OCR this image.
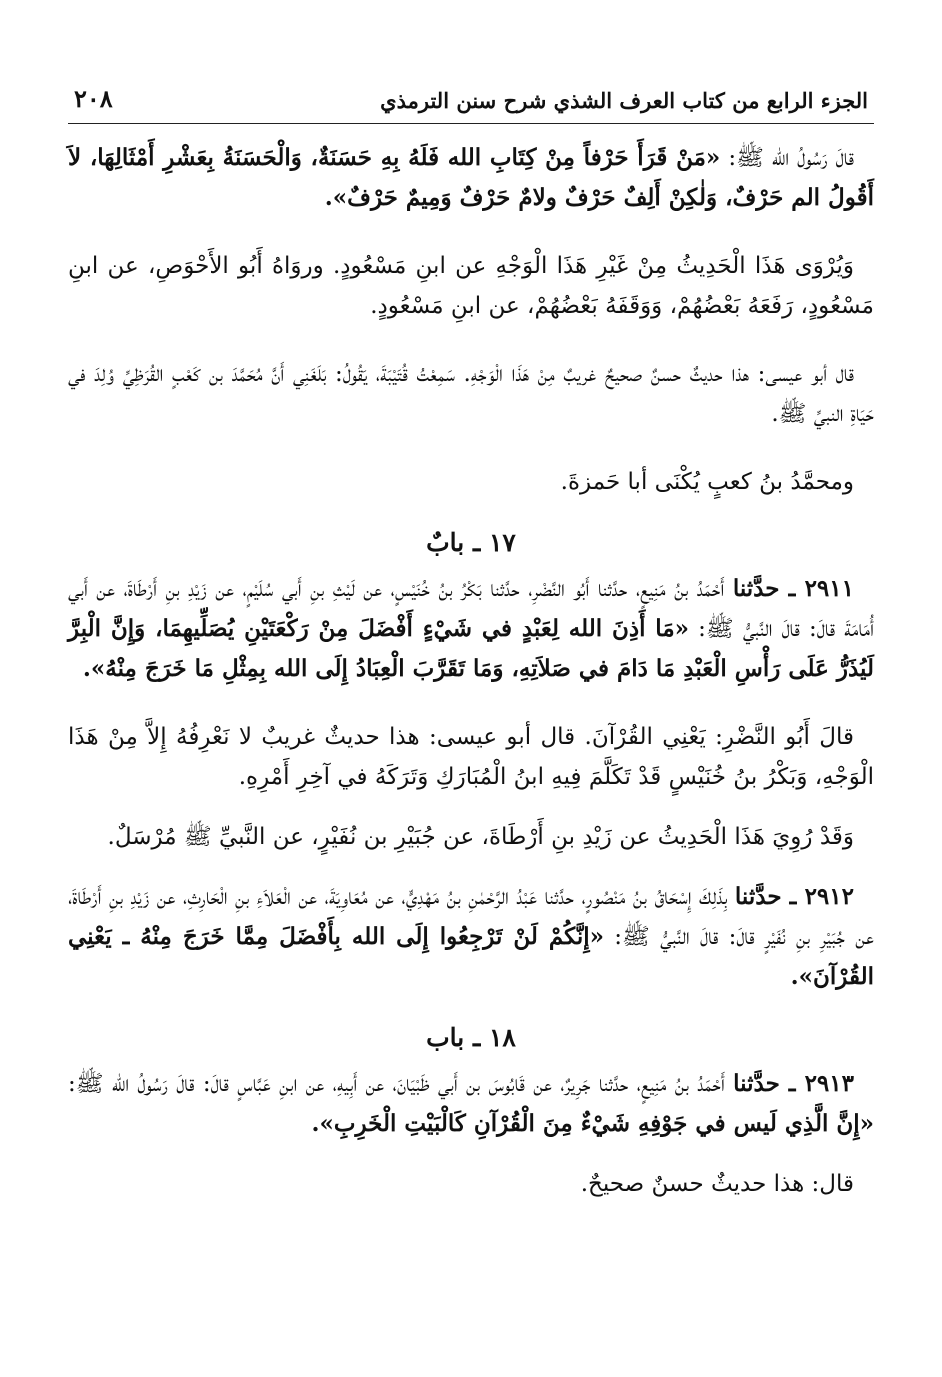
الجزء الرابع من كتاب العرف الشذي شرح سنن الترمذي
٢٠٨

قالَ رَسُولُ الله ﷺ: «مَنْ قَرَأَ حَرْفاً مِنْ كِتَابِ الله فَلَهُ بِهِ حَسَنَةٌ، وَالْحَسَنَةُ بِعَشْرِ أَمْثَالِهَا، لاَ أَقُولُ الم حَرْفٌ، وَلٰكِنْ أَلِفٌ حَرْفٌ ولامٌ حَرْفٌ وَمِيمٌ حَرْفٌ».

وَيُرْوَى هَذَا الْحَدِيثُ مِنْ غَيْرِ هَذَا الْوَجْهِ عن ابنِ مَسْعُودٍ. وروَاهُ أَبُو الأَحْوَصِ، عن ابنِ مَسْعُودٍ، رَفَعَهُ بَعْضُهُمْ، وَوَقَفَهُ بَعْضُهُمْ، عن ابنِ مَسْعُودٍ.

قال أبو عيسى: هذا حديثٌ حسنٌ صحيحٌ غريبٌ مِنْ هَذَا الْوَجْهِ. سَمِعْتُ قُتَيْبَةَ، يَقُولُ: بَلَغَنِي أَنَّ مُحَمَّدَ بن كَعْبٍ القُرَظِيِّ وُلِدَ في حَيَاةِ النبيِّ ﷺ.

ومحمَّدُ بنُ كعبٍ يُكْنَى أبا حَمزةَ.

١٧ ـ بابٌ

٢٩١١ ـ حدَّثنا أَحْمَدُ بنُ مَنِيعٍ، حدَّثنا أَبُو النَّضْرِ، حدَّثنا بَكْرُ بنُ خُنَيْسٍ، عن لَيْثِ بنِ أَبي سُلَيْمٍ، عن زَيْدِ بنِ أَرْطَاةَ، عن أَبي أُمَامَةَ قالَ: قالَ النَّبيُّ ﷺ: «مَا أَذِنَ الله لِعَبْدٍ في شَيْءٍ أَفْضَلَ مِنْ رَكْعَتَيْنِ يُصَلِّيهِمَا، وَإِنَّ الْبِرَّ لَيُذَرُّ عَلَى رَأْسِ الْعَبْدِ مَا دَامَ في صَلاَتِهِ، وَمَا تَقَرَّبَ الْعِبَادُ إِلَى الله بِمِثْلِ مَا خَرَجَ مِنْهُ».

قالَ أَبُو النَّضْرِ: يَعْنِي القُرْآنَ. قال أبو عيسى: هذا حديثٌ غريبٌ لا نَعْرِفُهُ إِلاَّ مِنْ هَذَا الْوَجْهِ، وَبَكْرُ بنُ خُنَيْسٍ قَدْ تَكَلَّمَ فِيهِ ابنُ الْمُبَارَكِ وَتَرَكَهُ في آخِرِ أَمْرِهِ.

وَقَدْ رُوِيَ هَذَا الْحَدِيثُ عن زَيْدِ بنِ أَرْطَاةَ، عن جُبَيْرِ بن نُفَيْرٍ، عن النَّبيِّ ﷺ مُرْسَلٌ.

٢٩١٢ ـ حدَّثنا بِذَلِكَ إِسْحَاقُ بنُ مَنْصُورٍ، حدَّثنا عَبْدُ الرَّحْمٰنِ بنُ مَهْدِيٍّ، عن مُعَاوِيَةَ، عن الْعَلاَءِ بنِ الْحَارِثِ، عن زَيْدِ بنِ أَرْطَاةَ، عن جُبَيْرِ بنِ نُفَيْرٍ قالَ: قالَ النَّبيُّ ﷺ: «إِنَّكُمْ لَنْ تَرْجِعُوا إِلَى الله بِأَفْضَلَ مِمَّا خَرَجَ مِنْهُ ـ يَعْنِي القُرْآنَ».

١٨ ـ باب

٢٩١٣ ـ حدَّثنا أَحْمَدُ بنُ مَنِيعٍ، حدَّثنا جَرِيرٌ، عن قَابُوسَ بن أَبي ظَبْيَانَ، عن أَبِيهِ، عن ابنِ عَبَّاسٍ قالَ: قالَ رَسُولُ الله ﷺ: «إِنَّ الَّذِي لَيس في جَوْفِهِ شَيْءٌ مِنَ الْقُرْآنِ كَالْبَيْتِ الْخَرِبِ».

قال: هذا حديثٌ حسنٌ صحيحٌ.
